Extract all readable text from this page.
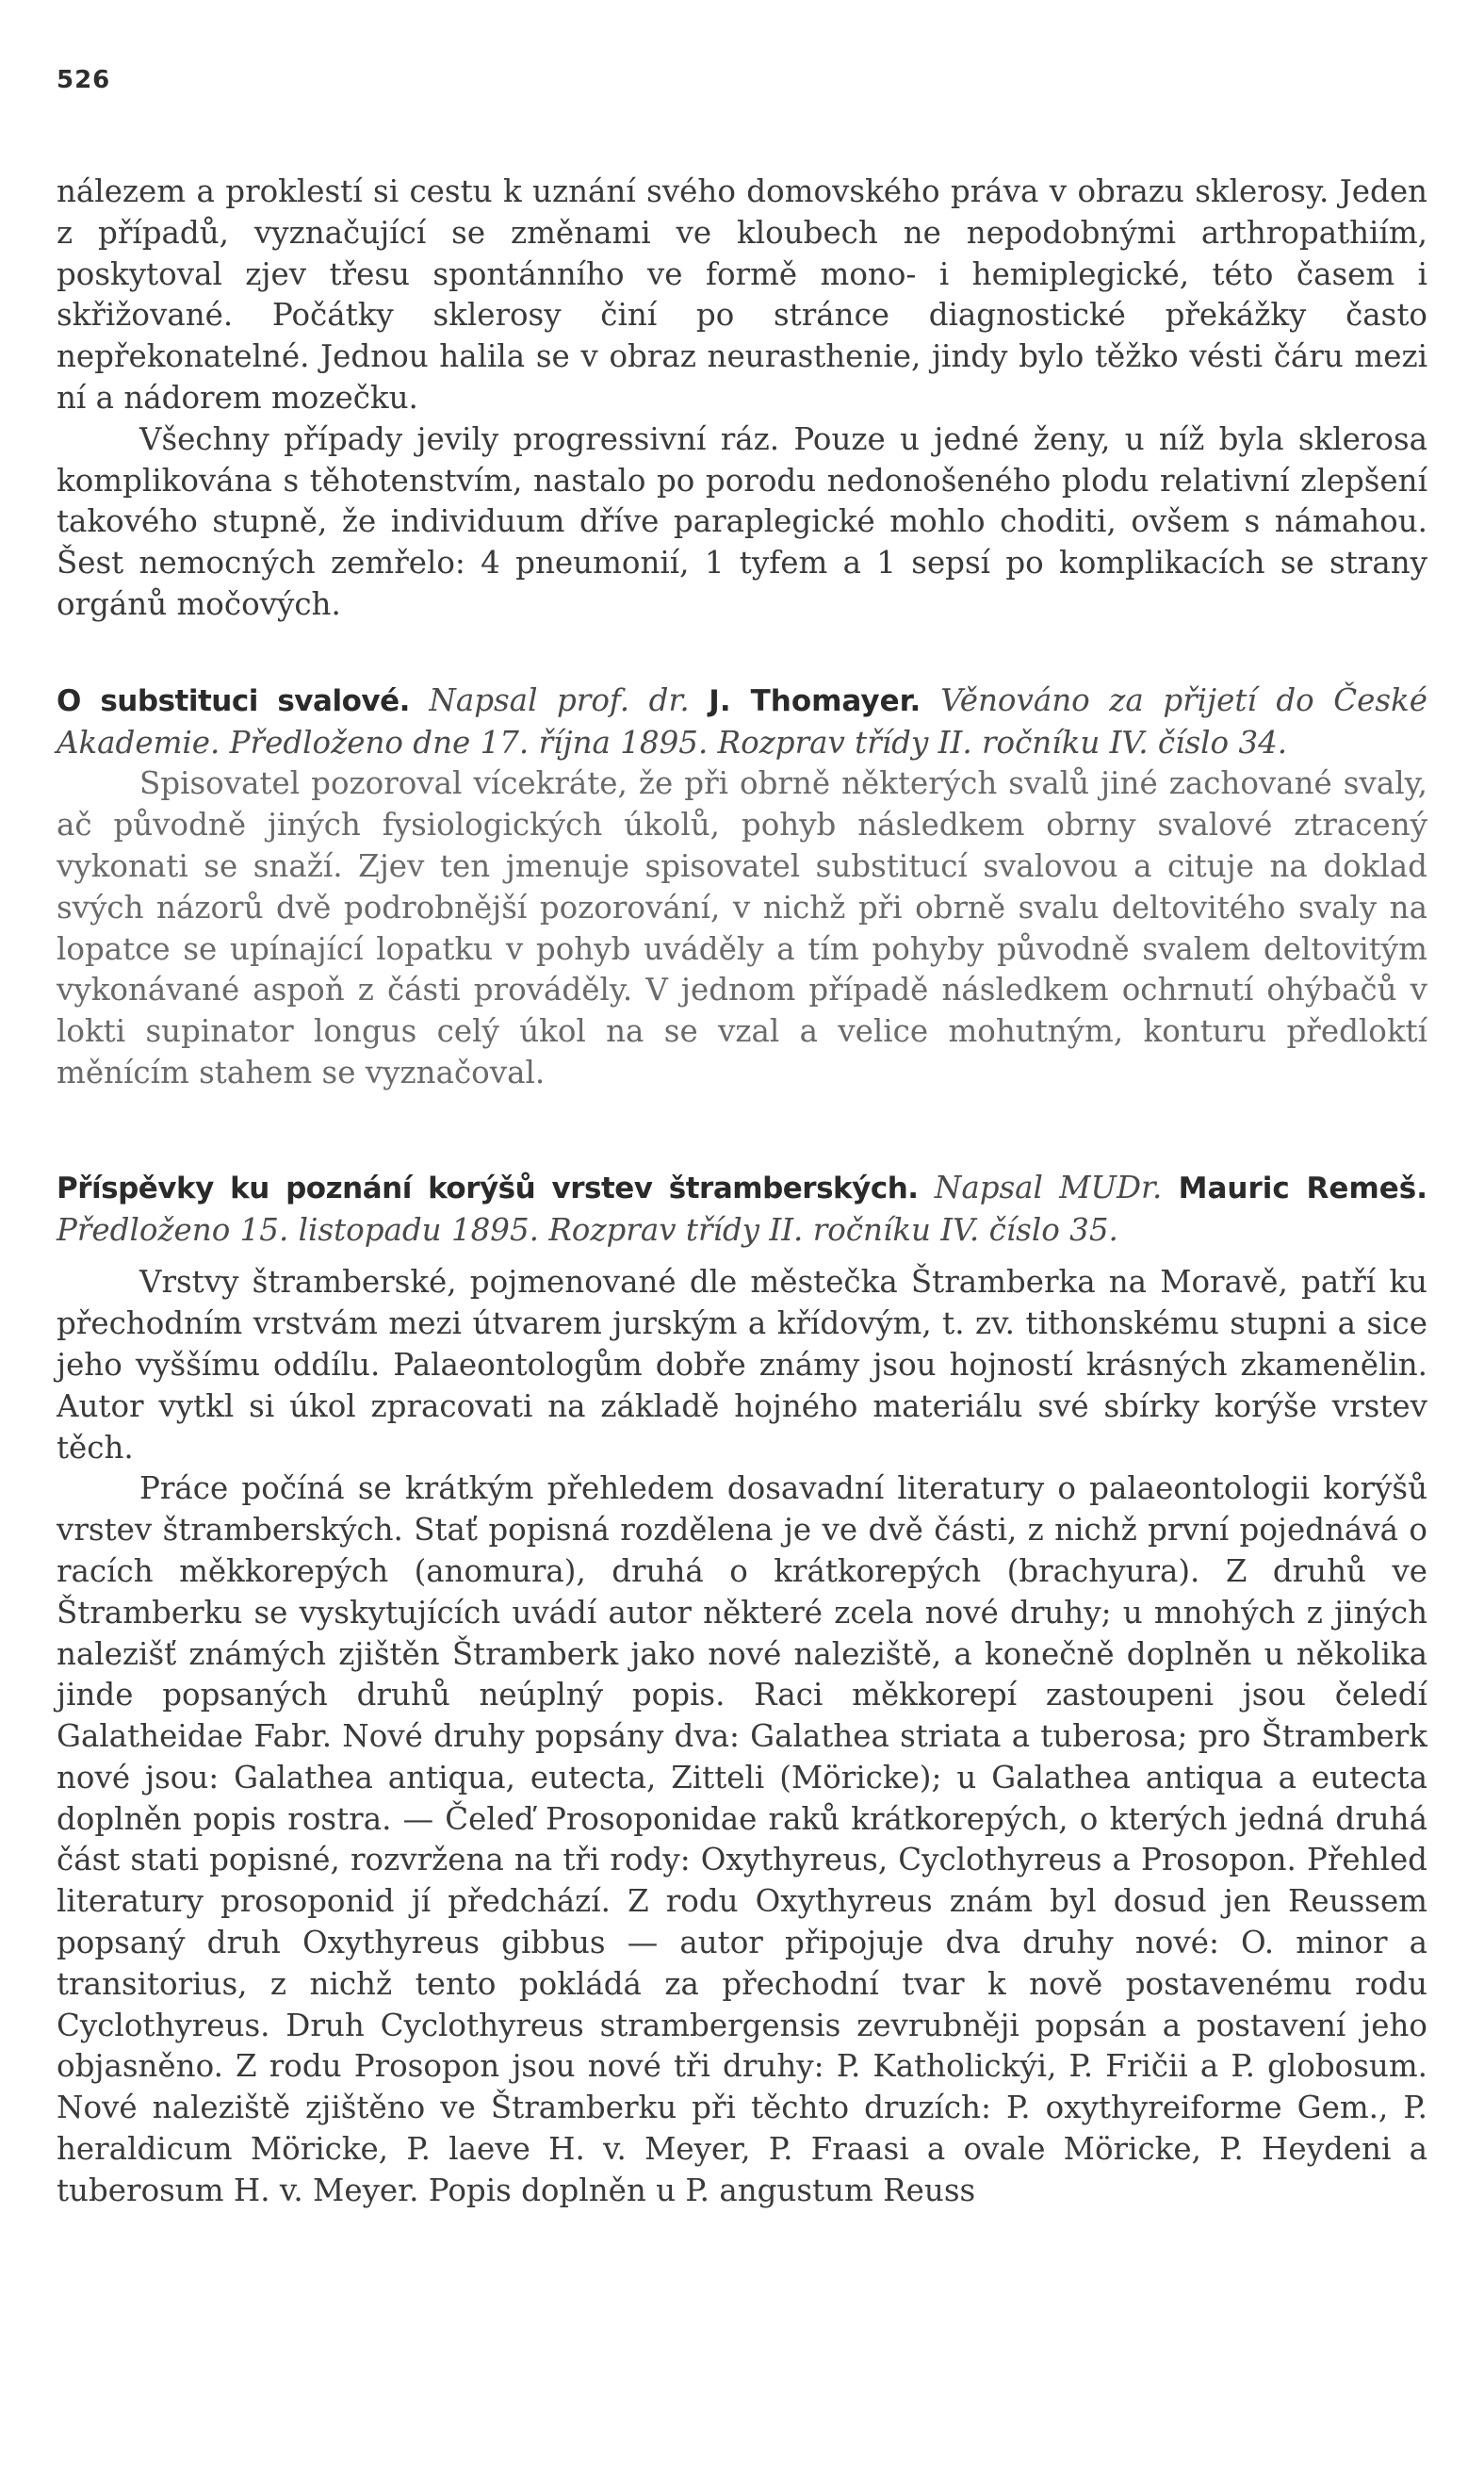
526

nálezem a proklestí si cestu k uznání svého domovského práva v obrazu sklerosy. Jeden z případů, vyznačující se změnami ve kloubech ne nepodobnými arthropathiím, poskytoval zjev třesu spontánního ve formě mono- i hemiplegické, této časem i skřižované. Počátky sklerosy činí po stránce diagnostické překážky často nepřekonatelné. Jednou halila se v obraz neurasthenie, jindy bylo těžko vésti čáru mezi ní a nádorem mozečku.

Všechny případy jevily progressivní ráz. Pouze u jedné ženy, u níž byla sklerosa komplikována s těhotenstvím, nastalo po porodu nedonošeného plodu relativní zlepšení takového stupně, že individuum dříve paraplegické mohlo choditi, ovšem s námahou. Šest nemocných zemřelo: 4 pneumonií, 1 tyfem a 1 sepsí po komplikacích se strany orgánů močových.

O substituci svalové. Napsal prof. dr. J. Thomayer. Věnováno za přijetí do České Akademie. Předloženo dne 17. října 1895. Rozprav třídy II. ročníku IV. číslo 34.

Spisovatel pozoroval vícekráte, že při obrně některých svalů jiné zachované svaly, ač původně jiných fysiologických úkolů, pohyb následkem obrny svalové ztracený vykonati se snaží. Zjev ten jmenuje spisovatel substitucí svalovou a cituje na doklad svých názorů dvě podrobnější pozorování, v nichž při obrně svalu deltovitého svaly na lopatce se upínající lopatku v pohyb uváděly a tím pohyby původně svalem deltovitým vykonávané aspoň z části prováděly. V jednom případě následkem ochrnutí ohýbačů v lokti supinator longus celý úkol na se vzal a velice mohutným, konturu předloktí měnícím stahem se vyznačoval.

Příspěvky ku poznání korýšů vrstev štramberských. Napsal MUDr. Mauric Remeš. Předloženo 15. listopadu 1895. Rozprav třídy II. ročníku IV. číslo 35.

Vrstvy štramberské, pojmenované dle městečka Štramberka na Moravě, patří ku přechodním vrstvám mezi útvarem jurským a křídovým, t. zv. tithonskému stupni a sice jeho vyššímu oddílu. Palaeontologům dobře známy jsou hojností krásných zkamenělin. Autor vytkl si úkol zpracovati na základě hojného materiálu své sbírky korýše vrstev těch.

Práce počíná se krátkým přehledem dosavadní literatury o palaeontologii korýšů vrstev štramberských. Stať popisná rozdělena je ve dvě části, z nichž první pojednává o racích měkkorepých (anomura), druhá o krátkorepých (brachyura). Z druhů ve Štramberku se vyskytujících uvádí autor některé zcela nové druhy; u mnohých z jiných nalezišť známých zjištěn Štramberk jako nové naleziště, a konečně doplněn u několika jinde popsaných druhů neúplný popis. Raci měkkorepí zastoupeni jsou čeledí Galatheidae Fabr. Nové druhy popsány dva: Galathea striata a tuberosa; pro Štramberk nové jsou: Galathea antiqua, eutecta, Zitteli (Möricke); u Galathea antiqua a eutecta doplněn popis rostra. — Čeleď Prosoponidae raků krátkorepých, o kterých jedná druhá část stati popisné, rozvržena na tři rody: Oxythyreus, Cyclothyreus a Prosopon. Přehled literatury prosoponid jí předchází. Z rodu Oxythyreus znám byl dosud jen Reussem popsaný druh Oxythyreus gibbus — autor připojuje dva druhy nové: O. minor a transitorius, z nichž tento pokládá za přechodní tvar k nově postavenému rodu Cyclothyreus. Druh Cyclothyreus strambergensis zevrubněji popsán a postavení jeho objasněno. Z rodu Prosopon jsou nové tři druhy: P. Katholickýi, P. Fričii a P. globosum. Nové naleziště zjištěno ve Štramberku při těchto druzích: P. oxythyreiforme Gem., P. heraldicum Möricke, P. laeve H. v. Meyer, P. Fraasi a ovale Möricke, P. Heydeni a tuberosum H. v. Meyer. Popis doplněn u P. angustum Reuss
